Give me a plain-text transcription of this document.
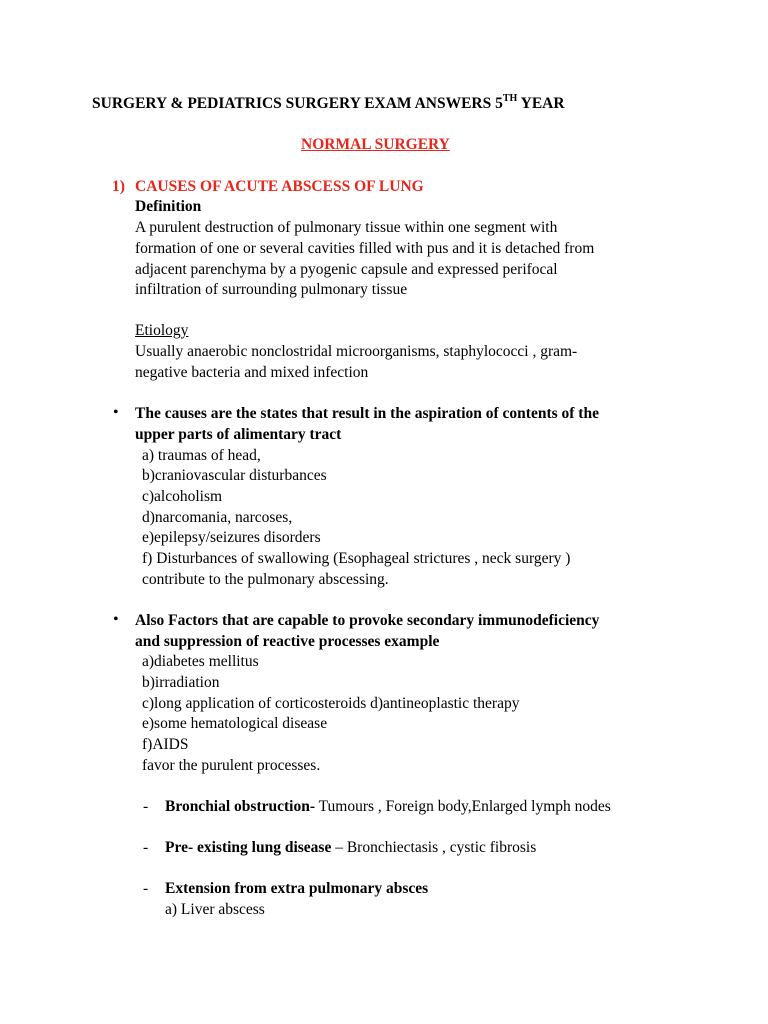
SURGERY & PEDIATRICS SURGERY EXAM ANSWERS 5TH YEAR
NORMAL SURGERY
1) CAUSES OF ACUTE ABSCESS OF LUNG
Definition
A purulent destruction of pulmonary tissue within one segment with
formation of one or several cavities filled with pus and it is detached from
adjacent parenchyma by a pyogenic capsule and expressed perifocal
infiltration of surrounding pulmonary tissue
Etiology
Usually anaerobic nonclostridal microorganisms, staphylococci , gram-
negative bacteria and mixed infection
• The causes are the states that result in the aspiration of contents of the
upper parts of alimentary tract
a) traumas of head,
b)craniovascular disturbances
c)alcoholism
d)narcomania, narcoses,
e)epilepsy/seizures disorders
f) Disturbances of swallowing (Esophageal strictures , neck surgery )
contribute to the pulmonary abscessing.
• Also Factors that are capable to provoke secondary immunodeficiency
and suppression of reactive processes example
a)diabetes mellitus
b)irradiation
c)long application of corticosteroids d)antineoplastic therapy
e)some hematological disease
f)AIDS
favor the purulent processes.
- Bronchial obstruction- Tumours , Foreign body,Enlarged lymph nodes
- Pre- existing lung disease – Bronchiectasis , cystic fibrosis
- Extension from extra pulmonary absces
a) Liver abscess
